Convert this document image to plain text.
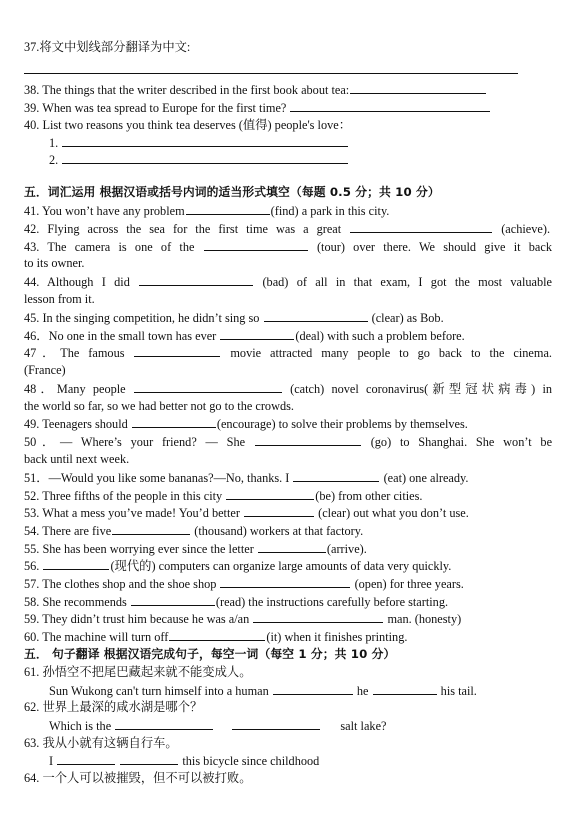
37.将文中划线部分翻译为中文:
38. The things that the writer described in the first book about tea:
39. When was tea spread to Europe for the first time?
40. List two reasons you think tea deserves (值得) people's love：
1.
2.
五．词汇运用 根据汉语或括号内词的适当形式填空（每题 0.5 分；共 10 分）
41. You won’t have any problem	(find) a park in this city.
42. Flying across the sea for the first time was a great	(achieve).
43. The camera is one of the	(tour) over there. We should give it back
to its owner.
44. Although I did	(bad) of all in that exam, I got the most valuable
lesson from it.
45. In the singing competition, he didn’t sing so	(clear) as Bob.
46．No one in the small town has ever	(deal) with such a problem before.
47．The famous	movie attracted many people to go back to the cinema.
(France)
48．Many people	(catch) novel coronavirus(新型冠状病毒) in
the world so far, so we had better not go to the crowds.
49. Teenagers should	(encourage) to solve their problems by themselves.
50．— Where’s your friend? — She	(go) to Shanghai. She won’t be
back until next week.
51．—Would you like some bananas?—No, thanks. I	(eat) one already.
52. Three fifths of the people in this city	(be) from other cities.
53. What a mess you’ve made! You’d better	(clear) out what you don’t use.
54. There are five	(thousand) workers at that factory.
55. She has been worrying ever since the letter	(arrive).
56.	(现代的) computers can organize large amounts of data very quickly.
57. The clothes shop and the shoe shop	(open) for three years.
58. She recommends	(read) the instructions carefully before starting.
59. They didn’t trust him because he was a/an	man. (honesty)
60. The machine will turn off	(it) when it finishes printing.
五． 句子翻译 根据汉语完成句子，每空一词（每空 1 分；共 10 分）
61. 孙悟空不把尾巴藏起来就不能变成人。
Sun Wukong can't turn himself into a human	he	his tail.
62. 世界上最深的咸水湖是哪个？
Which is the	salt lake?
63. 我从小就有这辆自行车。
I	this bicycle since childhood
64. 一个人可以被摧毁，但不可以被打败。
